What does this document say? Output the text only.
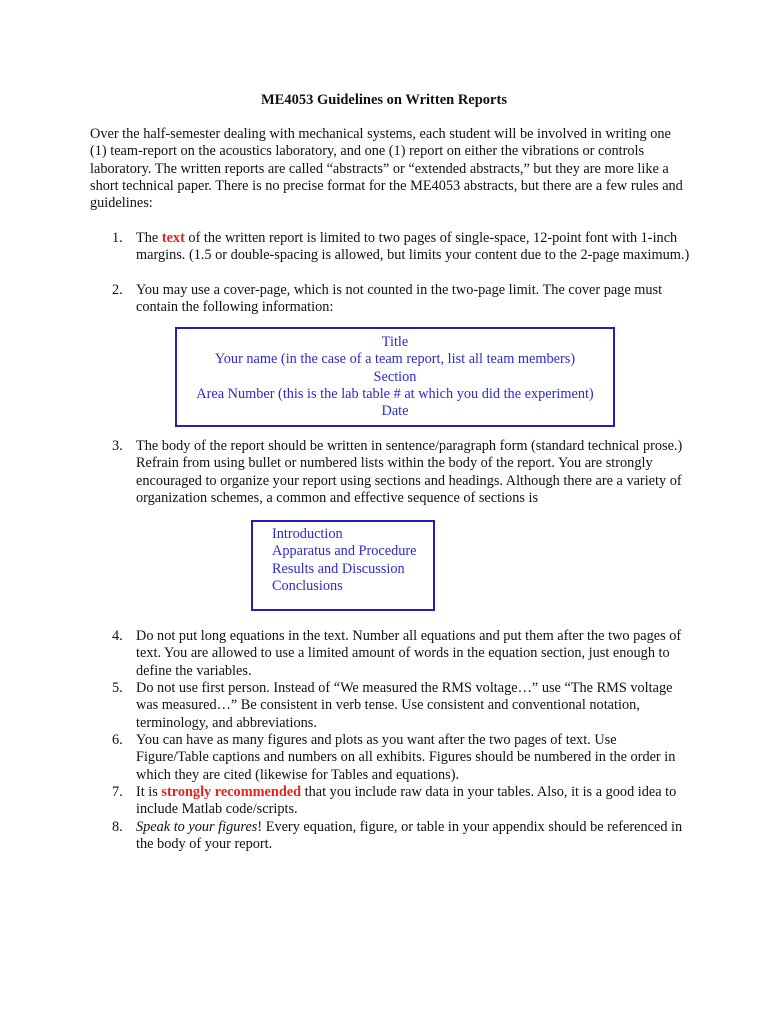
ME4053 Guidelines on Written Reports
Over the half-semester dealing with mechanical systems, each student will be involved in writing one (1) team-report on the acoustics laboratory, and one (1) report on either the vibrations or controls laboratory. The written reports are called “abstracts” or “extended abstracts,” but they are more like a short technical paper. There is no precise format for the ME4053 abstracts, but there are a few rules and guidelines:
1. The text of the written report is limited to two pages of single-space, 12-point font with 1-inch margins. (1.5 or double-spacing is allowed, but limits your content due to the 2-page maximum.)
2. You may use a cover-page, which is not counted in the two-page limit. The cover page must contain the following information:
Title
Your name (in the case of a team report, list all team members)
Section
Area Number (this is the lab table # at which you did the experiment)
Date
3. The body of the report should be written in sentence/paragraph form (standard technical prose.) Refrain from using bullet or numbered lists within the body of the report. You are strongly encouraged to organize your report using sections and headings. Although there are a variety of organization schemes, a common and effective sequence of sections is
Introduction
Apparatus and Procedure
Results and Discussion
Conclusions
4. Do not put long equations in the text. Number all equations and put them after the two pages of text. You are allowed to use a limited amount of words in the equation section, just enough to define the variables.
5. Do not use first person. Instead of “We measured the RMS voltage…” use “The RMS voltage was measured…” Be consistent in verb tense. Use consistent and conventional notation, terminology, and abbreviations.
6. You can have as many figures and plots as you want after the two pages of text. Use Figure/Table captions and numbers on all exhibits. Figures should be numbered in the order in which they are cited (likewise for Tables and equations).
7. It is strongly recommended that you include raw data in your tables. Also, it is a good idea to include Matlab code/scripts.
8. Speak to your figures! Every equation, figure, or table in your appendix should be referenced in the body of your report.
